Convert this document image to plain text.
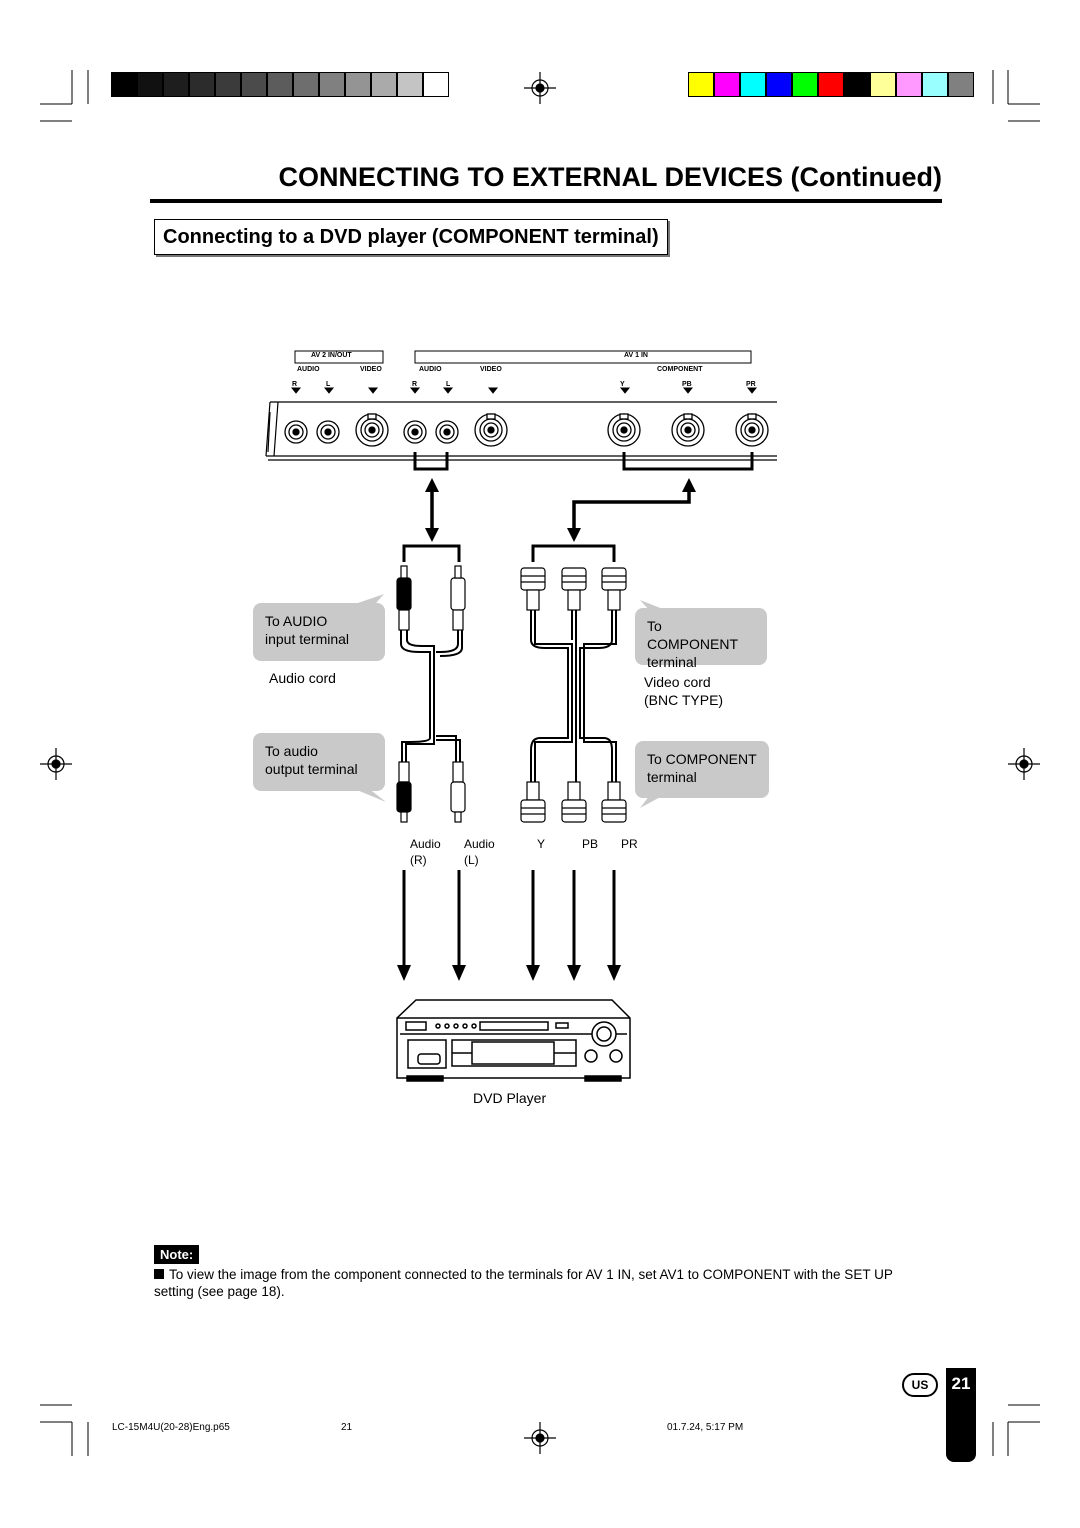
CONNECTING TO EXTERNAL DEVICES (Continued)
Connecting to a DVD player (COMPONENT terminal)
AV 2 IN/OUT	AV 1 IN
AUDIO	VIDEO	AUDIO	VIDEO	COMPONENT
R	L	R	L	Y	PB	PR
To AUDIO
input terminal
Audio cord
To audio
output terminal
To COMPONENT
terminal
Video cord
(BNC TYPE)
To COMPONENT
terminal
Audio
(R)
Audio
(L)
Y	PB PR
DVD Player
Note:
To view the image from the component connected to the terminals for AV 1 IN, set AV1 to COMPONENT with the SET UP setting (see page 18).
US	21
LC-15M4U(20-28)Eng.p65	21	01.7.24, 5:17 PM
